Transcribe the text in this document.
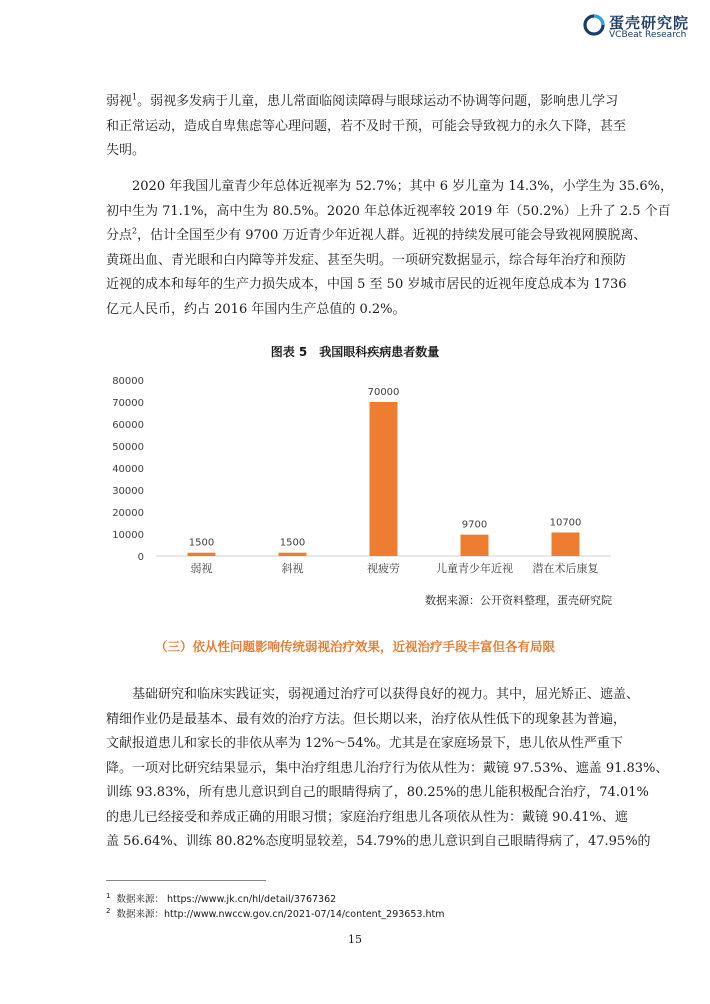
蛋壳研究院
VCBeat Research
弱视$^1$。弱视多发病于儿童，患儿常面临阅读障碍与眼球运动不协调等问题，影响患儿学习
和正常运动，造成自卑焦虑等心理问题，若不及时干预，可能会导致视力的永久下降，甚至
失明。
2020 年我国儿童青少年总体近视率为 52.7%；其中 6 岁儿童为 14.3%，小学生为 35.6%，
初中生为 71.1%，高中生为 80.5%。2020 年总体近视率较 2019 年（50.2%）上升了 2.5 个百
分点$^2$，估计全国至少有 9700 万近青少年近视人群。近视的持续发展可能会导致视网膜脱离、
黄斑出血、青光眼和白内障等并发症、甚至失明。一项研究数据显示，综合每年治疗和预防
近视的成本和每年的生产力损失成本，中国 5 至 50 岁城市居民的近视年度总成本为 1736
亿元人民币，约占 2016 年国内生产总值的 0.2%。
图表 5　我国眼科疾病患者数量
0
10000
20000
30000
40000
50000
60000
70000
80000
1500
弱视
1500
斜视
70000
视疲劳
9700
儿童青少年近视
10700
潜在术后康复
数据来源：公开资料整理，蛋壳研究院
（三）依从性问题影响传统弱视治疗效果，近视治疗手段丰富但各有局限
基础研究和临床实践证实，弱视通过治疗可以获得良好的视力。其中，屈光矫正、遮盖、
精细作业仍是最基本、最有效的治疗方法。但长期以来，治疗依从性低下的现象甚为普遍，
文献报道患儿和家长的非依从率为 12%～54%。尤其是在家庭场景下，患儿依从性严重下
降。一项对比研究结果显示，集中治疗组患儿治疗行为依从性为：戴镜 97.53%、遮盖 91.83%、
训练 93.83%，所有患儿意识到自己的眼睛得病了，80.25%的患儿能积极配合治疗，74.01%
的患儿已经接受和养成正确的用眼习惯；家庭治疗组患儿各项依从性为：戴镜 90.41%、遮
盖 56.64%、训练 80.82%态度明显较差，54.79%的患儿意识到自己眼睛得病了，47.95%的
$^1$ 数据来源： https://www.jk.cn/hl/detail/3767362
$^2$ 数据来源：http://www.nwccw.gov.cn/2021-07/14/content_293653.htm
15
